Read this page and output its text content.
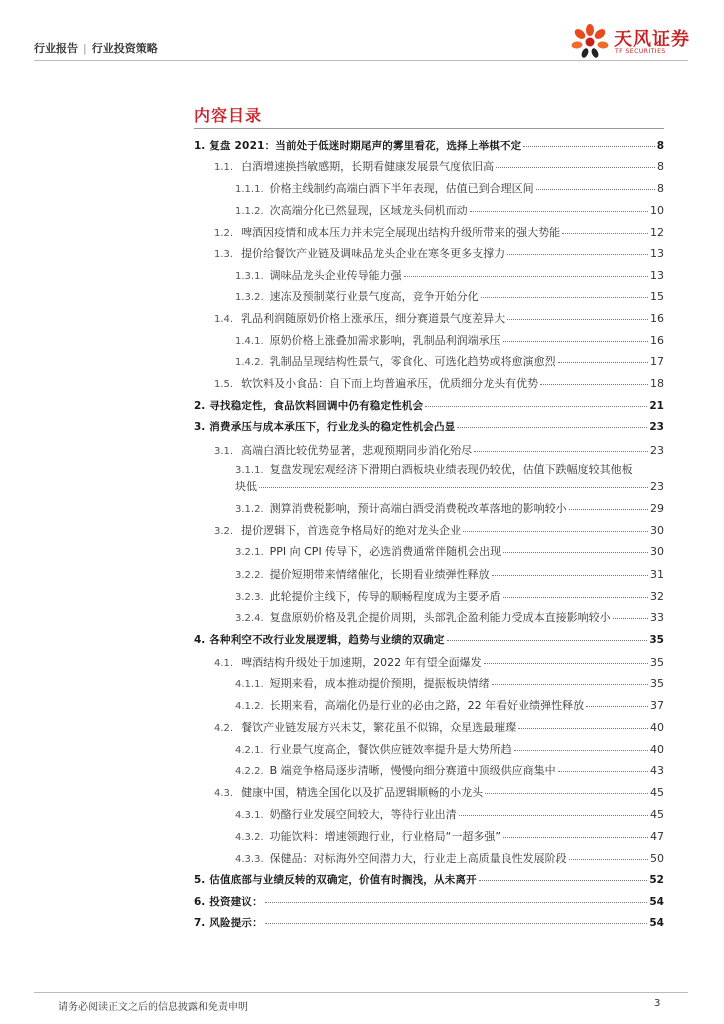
行业报告 | 行业投资策略	天风证券
TF SECURITIES
内容目录
1. 复盘 2021：当前处于低迷时期尾声的雾里看花，选择上举棋不定	8
1.1. 白酒增速换挡敏感期，长期看健康发展景气度依旧高	8
1.1.1. 价格主线制约高端白酒下半年表现，估值已到合理区间	8
1.1.2. 次高端分化已然显现，区域龙头伺机而动	10
1.2. 啤酒因疫情和成本压力并未完全展现出结构升级所带来的强大势能	12
1.3. 提价给餐饮产业链及调味品龙头企业在寒冬更多支撑力	13
1.3.1. 调味品龙头企业传导能力强	13
1.3.2. 速冻及预制菜行业景气度高，竞争开始分化	15
1.4. 乳品利润随原奶价格上涨承压，细分赛道景气度差异大	16
1.4.1. 原奶价格上涨叠加需求影响，乳制品利润端承压	16
1.4.2. 乳制品呈现结构性景气，零食化、可选化趋势或将愈演愈烈	17
1.5. 软饮料及小食品：自下而上均普遍承压，优质细分龙头有优势	18
2. 寻找稳定性，食品饮料回调中仍有稳定性机会	21
3. 消费承压与成本承压下，行业龙头的稳定性机会凸显	23
3.1. 高端白酒比较优势显著，悲观预期同步消化殆尽	23
3.1.1. 复盘发现宏观经济下滑期白酒板块业绩表现仍较优，估值下跌幅度较其他板
块低	23
3.1.2. 测算消费税影响，预计高端白酒受消费税改革落地的影响较小	29
3.2. 提价逻辑下，首选竞争格局好的绝对龙头企业	30
3.2.1. PPI 向 CPI 传导下，必选消费通常伴随机会出现	30
3.2.2. 提价短期带来情绪催化，长期看业绩弹性释放	31
3.2.3. 此轮提价主线下，传导的顺畅程度成为主要矛盾	32
3.2.4. 复盘原奶价格及乳企提价周期，头部乳企盈利能力受成本直接影响较小	33
4. 各种利空不改行业发展逻辑，趋势与业绩的双确定	35
4.1. 啤酒结构升级处于加速期，2022 年有望全面爆发	35
4.1.1. 短期来看，成本推动提价预期，提振板块情绪	35
4.1.2. 长期来看，高端化仍是行业的必由之路，22 年看好业绩弹性释放	37
4.2. 餐饮产业链发展方兴未艾，繁花虽不似锦，众星选最璀璨	40
4.2.1. 行业景气度高企，餐饮供应链效率提升是大势所趋	40
4.2.2. B 端竞争格局逐步清晰，慢慢向细分赛道中顶级供应商集中	43
4.3. 健康中国，精选全国化以及扩品逻辑顺畅的小龙头	45
4.3.1. 奶酪行业发展空间较大，等待行业出清	45
4.3.2. 功能饮料：增速领跑行业，行业格局“一超多强”	47
4.3.3. 保健品：对标海外空间潜力大，行业走上高质量良性发展阶段	50
5. 估值底部与业绩反转的双确定，价值有时搁浅，从未离开	52
6. 投资建议：	54
7. 风险提示：	54
请务必阅读正文之后的信息披露和免责申明	3
